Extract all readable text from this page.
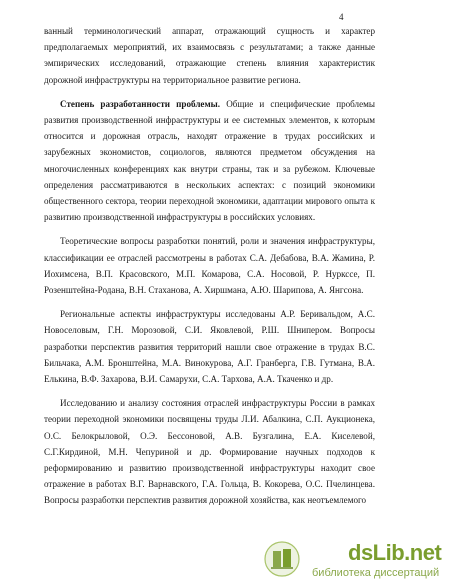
4

ванный терминологический аппарат, отражающий сущность и характер предполагаемых мероприятий, их взаимосвязь с результатами; а также данные эмпирических исследований, отражающие степень влияния характеристик дорожной инфраструктуры на территориальное развитие региона.

Степень разработанности проблемы. Общие и специфические проблемы развития производственной инфраструктуры и ее системных элементов, к которым относится и дорожная отрасль, находят отражение в трудах российских и зарубежных экономистов, социологов, являются предметом обсуждения на многочисленных конференциях как внутри страны, так и за рубежом. Ключевые определения рассматриваются в нескольких аспектах: с позиций экономики общественного сектора, теории переходной экономики, адаптации мирового опыта к развитию производственной инфраструктуры в российских условиях.

Теоретические вопросы разработки понятий, роли и значения инфраструктуры, классификации ее отраслей рассмотрены в работах С.А. Дебабова, В.А. Жамина, Р. Иохимсена, В.П. Красовского, М.П. Комарова, С.А. Носовой, Р. Нуркссе, П. Розенштейна-Родана, В.Н. Стаханова, А. Хиршмана, А.Ю. Шарипова, А. Янгсона.

Региональные аспекты инфраструктуры исследованы А.Р. Беривальдом, А.С. Новоселовым, Г.Н. Морозовой, С.И. Яковлевой, Р.Ш. Шнипером. Вопросы разработки перспектив развития территорий нашли свое отражение в трудах В.С. Бильчака, А.М. Бронштейна, М.А. Винокурова, А.Г. Гранберга, Г.В. Гутмана, В.А. Елькина, В.Ф. Захарова, В.И. Самарухи, С.А. Тархова, А.А. Ткаченко и др.

Исследованию и анализу состояния отраслей инфраструктуры России в рамках теории переходной экономики посвящены труды Л.И. Абалкина, С.П. Аукционека, О.С. Белокрыловой, О.Э. Бессоновой, А.В. Бузгалина, Е.А. Киселевой, С.Г.Кирдиной, М.Н. Чепуриной и др. Формирование научных подходов к реформированию и развитию производственной инфраструктуры находит свое отражение в работах В.Г. Варнавского, Г.А. Гольца, В. Кокорева, О.С. Пчелинцева. Вопросы разработки перспектив развития дорожной хозяйства, как неотъемлемого

dsLib.net
библиотека диссертаций
